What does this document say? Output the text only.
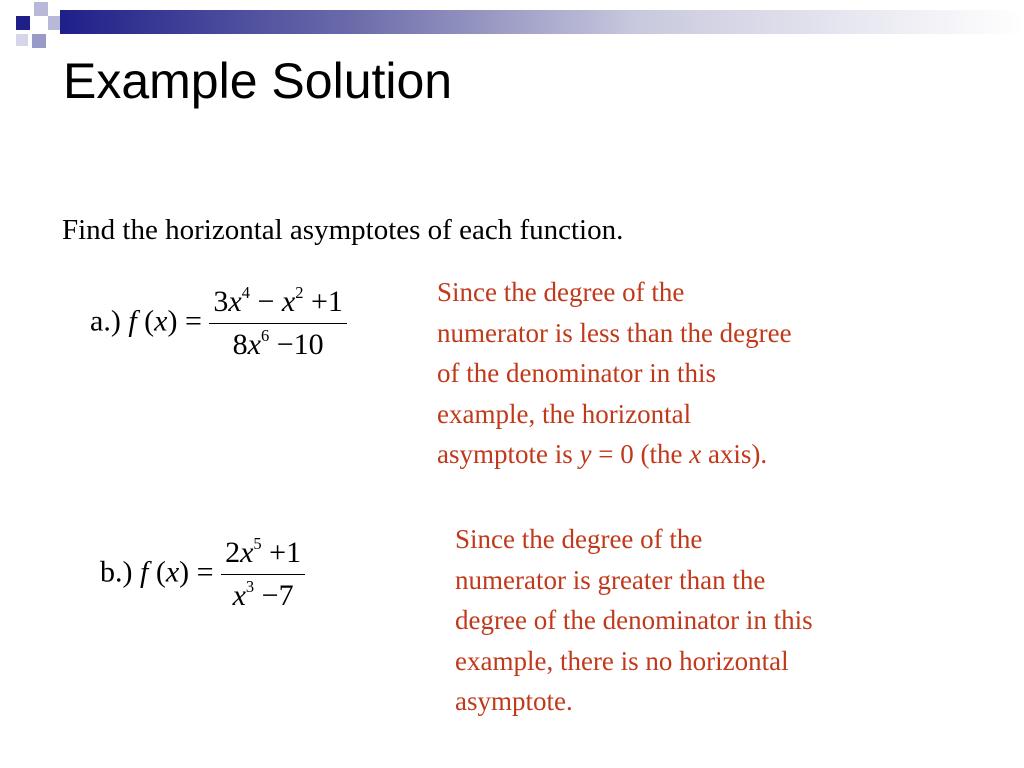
Example Solution
Find the horizontal asymptotes of each function.
a.) f $(x) = \frac{3x^4 - x^2 +1}{8x^6 -10}$	Since the degree of the
numerator is less than the degree
of the denominator in this
example, the horizontal
asymptote is y = 0 (the x axis).
b.) f $(x) = \frac{2x^5 +1}{x^3 -7}$	Since the degree of the
numerator is greater than the
degree of the denominator in this
example, there is no horizontal
asymptote.
